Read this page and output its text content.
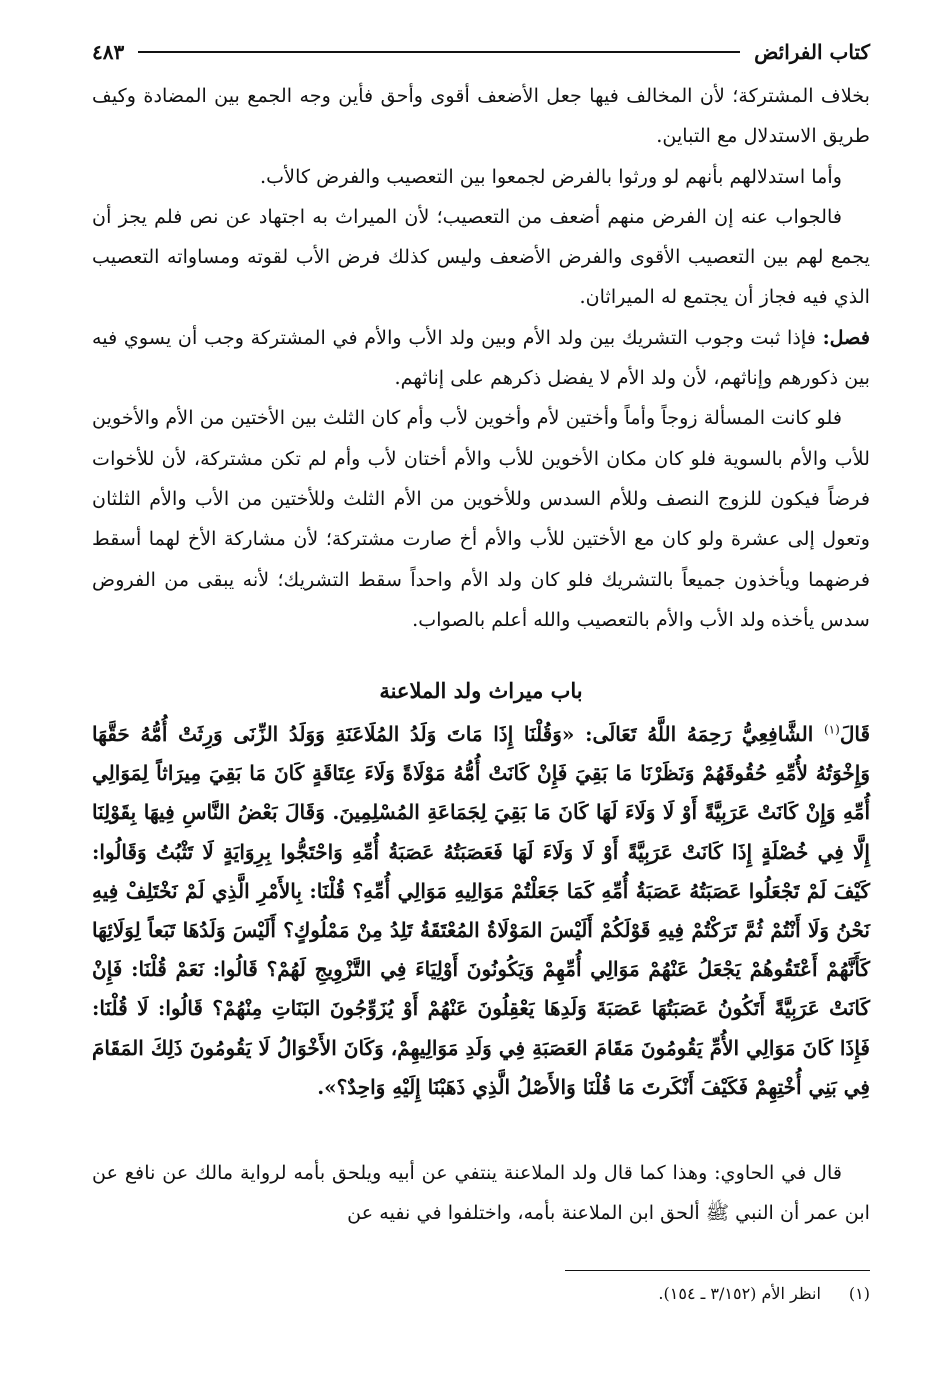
كتاب الفرائض
٤٨٣

بخلاف المشتركة؛ لأن المخالف فيها جعل الأضعف أقوى وأحق فأين وجه الجمع بين المضادة وكيف طريق الاستدلال مع التباين.

وأما استدلالهم بأنهم لو ورثوا بالفرض لجمعوا بين التعصيب والفرض كالأب.

فالجواب عنه إن الفرض منهم أضعف من التعصيب؛ لأن الميراث به اجتهاد عن نص فلم يجز أن يجمع لهم بين التعصيب الأقوى والفرض الأضعف وليس كذلك فرض الأب لقوته ومساواته التعصيب الذي فيه فجاز أن يجتمع له الميراثان.

فصل: فإذا ثبت وجوب التشريك بين ولد الأم وبين ولد الأب والأم في المشتركة وجب أن يسوي فيه بين ذكورهم وإناثهم، لأن ولد الأم لا يفضل ذكرهم على إناثهم.

فلو كانت المسألة زوجاً وأماً وأختين لأم وأخوين لأب وأم كان الثلث بين الأختين من الأم والأخوين للأب والأم بالسوية فلو كان مكان الأخوين للأب والأم أختان لأب وأم لم تكن مشتركة، لأن للأخوات فرضاً فيكون للزوج النصف وللأم السدس وللأخوين من الأم الثلث وللأختين من الأب والأم الثلثان وتعول إلى عشرة ولو كان مع الأختين للأب والأم أخ صارت مشتركة؛ لأن مشاركة الأخ لهما أسقط فرضهما ويأخذون جميعاً بالتشريك فلو كان ولد الأم واحداً سقط التشريك؛ لأنه يبقى من الفروض سدس يأخذه ولد الأب والأم بالتعصيب والله أعلم بالصواب.

باب ميراث ولد الملاعنة

قَالَ$^{(١)}$ الشَّافِعِيُّ رَحِمَهُ اللَّهُ تَعَالَى: «وَقُلْنَا إِذَا مَاتَ وَلَدُ المُلَاعَنَةِ وَوَلَدُ الزِّنَى وَرِثَتْ أُمُّهُ حَقَّهَا وَإِخْوَتُهُ لأُمِّهِ حُقُوقَهُمْ وَنَظَرْنَا مَا بَقِيَ فَإِنْ كَانَتْ أُمُّهُ مَوْلَاةً وَلَاءَ عِتَاقَةٍ كَانَ مَا بَقِيَ مِيرَاثاً لِمَوَالِي أُمِّهِ وَإِنْ كَانَتْ عَرَبِيَّةً أَوْ لَا وَلَاءَ لَهَا كَانَ مَا بَقِيَ لِجَمَاعَةِ المُسْلِمِينَ. وَقَالَ بَعْضُ النَّاسِ فِيهَا بِقَوْلِنَا إِلَّا فِي خُصْلَةٍ إِذَا كَانَتْ عَرَبِيَّةً أَوْ لَا وَلَاءَ لَهَا فَعَصَبَتُهُ عَصَبَةُ أُمِّهِ وَاحْتَجُّوا بِرِوَايَةٍ لَا تَثْبُتُ وَقَالُوا: كَيْفَ لَمْ تَجْعَلُوا عَصَبَتُهُ عَصَبَةُ أُمِّهِ كَمَا جَعَلْتُمْ مَوَالِيهِ مَوَالِي أُمِّهِ؟ قُلْنَا: بِالأَمْرِ الَّذِي لَمْ نَخْتَلِفْ فِيهِ نَحْنُ وَلَا أَنْتُمْ ثُمَّ تَرَكْتُمْ فِيهِ قَوْلَكُمْ أَلَيْسَ المَوْلَاةُ المُعْتَقَةُ تَلِدُ مِنْ مَمْلُوكٍ؟ أَلَيْسَ وَلَدُهَا تَبَعاً لِوَلَائِهَا كَأَنَّهُمْ أَعْتَقُوهُمْ يَجْعَلُ عَنْهُمْ مَوَالِي أُمِّهِمْ وَيَكُونُونَ أَوْلِيَاءَ فِي التَّزْوِيجِ لَهُمْ؟ قَالُوا: نَعَمْ قُلْنَا: فَإِنْ كَانَتْ عَرَبِيَّةً أَتَكُونُ عَصَبَتُهَا عَصَبَةَ وَلَدِهَا يَعْقِلُونَ عَنْهُمْ أَوْ يُزَوِّجُونَ البَنَاتِ مِنْهُمْ؟ قَالُوا: لَا قُلْنَا: فَإِذَا كَانَ مَوَالِي الأُمِّ يَقُومُونَ مَقَامَ العَصَبَةِ فِي وَلَدِ مَوَالِيهِمْ، وَكَانَ الأَخْوَالُ لَا يَقُومُونَ ذَلِكَ المَقَامَ فِي بَنِي أُخْتِهِمْ فَكَيْفَ أَنْكَرتَ مَا قُلْنَا وَالأَصْلُ الَّذِي ذَهَبْنَا إِلَيْهِ وَاحِدٌ؟».

قال في الحاوي: وهذا كما قال ولد الملاعنة ينتفي عن أبيه ويلحق بأمه لرواية مالك عن نافع عن ابن عمر أن النبي ﷺ ألحق ابن الملاعنة بأمه، واختلفوا في نفيه عن

(١)
انظر الأم (٣/١٥٢ ـ ١٥٤).
